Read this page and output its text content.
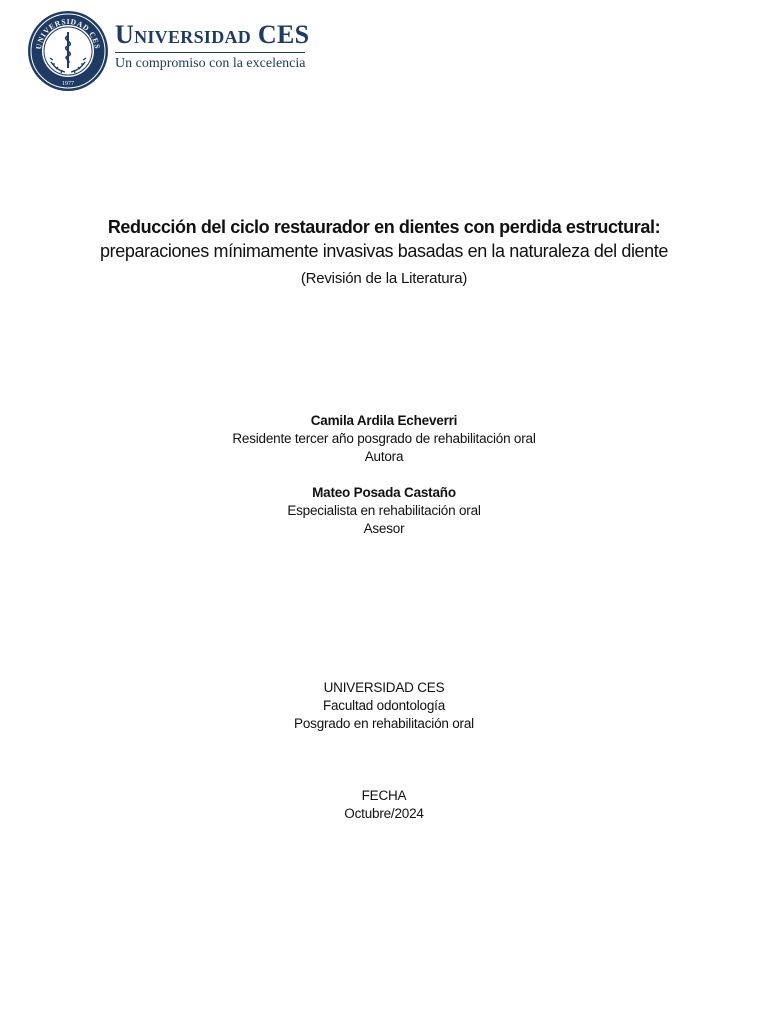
UNIVERSIDAD CES
1977
Universidad CES
Un compromiso con la excelencia
Reducción del ciclo restaurador en dientes con perdida estructural:
preparaciones mínimamente invasivas basadas en la naturaleza del diente
(Revisión de la Literatura)
Camila Ardila Echeverri
Residente tercer año posgrado de rehabilitación oral
Autora
Mateo Posada Castaño
Especialista en rehabilitación oral
Asesor
UNIVERSIDAD CES
Facultad odontología
Posgrado en rehabilitación oral
FECHA
Octubre/2024
